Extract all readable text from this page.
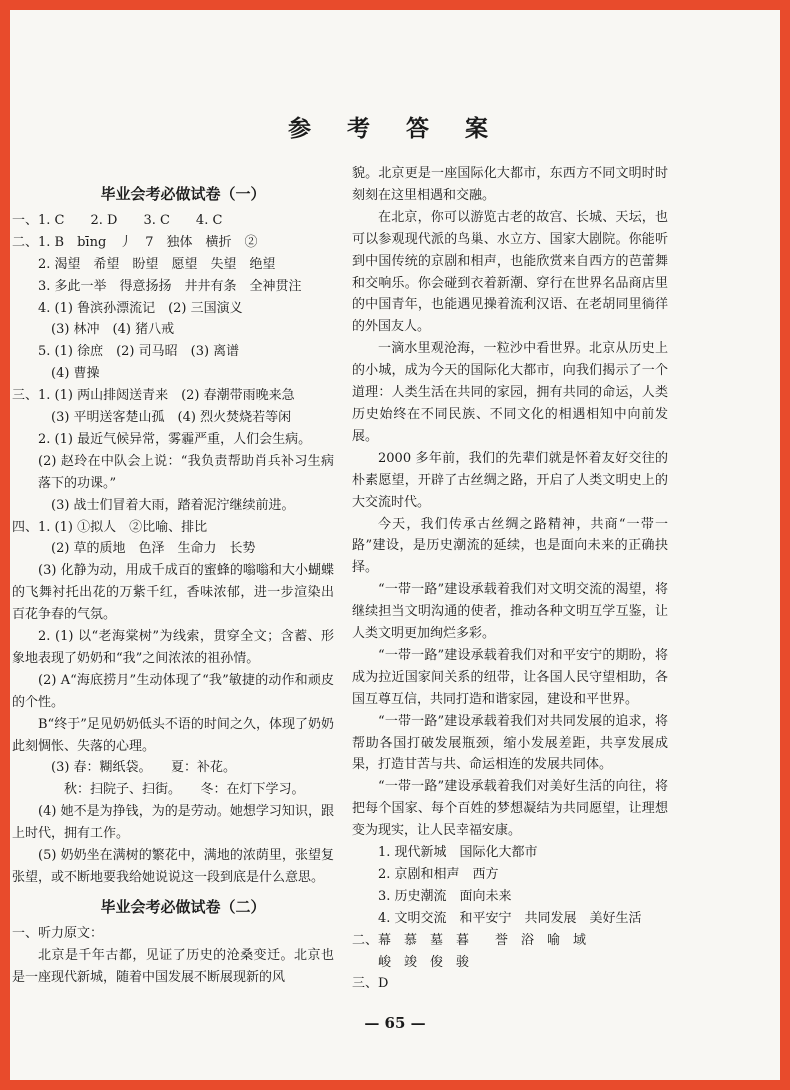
参 考 答 案
毕业会考必做试卷（一）
一、1. C　　2. D　　3. C　　4. C
二、1. B　bīng　丿　7　独体　横折　②
　　2. 渴望　希望　盼望　愿望　失望　绝望
　　3. 多此一举　得意扬扬　井井有条　全神贯注
　　4. (1) 鲁滨孙漂流记　(2) 三国演义
　　　(3) 林冲　(4) 猪八戒
　　5. (1) 徐庶　(2) 司马昭　(3) 离谱
　　　(4) 曹操
三、1. (1) 两山排闼送青来　(2) 春潮带雨晚来急
　　　(3) 平明送客楚山孤　(4) 烈火焚烧若等闲
　　2. (1) 最近气候异常，雾霾严重，人们会生病。
(2) 赵玲在中队会上说：“我负责帮助肖兵补习生病落下的功课。”
　　　(3) 战士们冒着大雨，踏着泥泞继续前进。
四、1. (1) ①拟人　②比喻、排比
　　　(2) 草的质地　色泽　生命力　长势
(3) 化静为动，用成千成百的蜜蜂的嗡嗡和大小蝴蝶的飞舞衬托出花的万紫千红，香味浓郁，进一步渲染出百花争春的气氛。
2. (1) 以“老海棠树”为线索，贯穿全文；含蓄、形象地表现了奶奶和“我”之间浓浓的祖孙情。
(2) A“海底捞月”生动体现了“我”敏捷的动作和顽皮的个性。
B“终于”足见奶奶低头不语的时间之久，体现了奶奶此刻惆怅、失落的心理。
　　　(3) 春：糊纸袋。　　夏：补花。
　　　　秋：扫院子、扫街。　　冬：在灯下学习。
(4) 她不是为挣钱，为的是劳动。她想学习知识，跟上时代，拥有工作。
(5) 奶奶坐在满树的繁花中，满地的浓荫里，张望复张望，或不断地要我给她说说这一段到底是什么意思。
毕业会考必做试卷（二）
一、听力原文：
北京是千年古都，见证了历史的沧桑变迁。北京也是一座现代新城，随着中国发展不断展现新的风
貌。北京更是一座国际化大都市，东西方不同文明时时刻刻在这里相遇和交融。
在北京，你可以游览古老的故宫、长城、天坛，也可以参观现代派的鸟巢、水立方、国家大剧院。你能听到中国传统的京剧和相声，也能欣赏来自西方的芭蕾舞和交响乐。你会碰到衣着新潮、穿行在世界名品商店里的中国青年，也能遇见操着流利汉语、在老胡同里徜徉的外国友人。
一滴水里观沧海，一粒沙中看世界。北京从历史上的小城，成为今天的国际化大都市，向我们揭示了一个道理：人类生活在共同的家园，拥有共同的命运，人类历史始终在不同民族、不同文化的相遇相知中向前发展。
2000 多年前，我们的先辈们就是怀着友好交往的朴素愿望，开辟了古丝绸之路，开启了人类文明史上的大交流时代。
今天，我们传承古丝绸之路精神，共商“一带一路”建设，是历史潮流的延续，也是面向未来的正确抉择。
“一带一路”建设承载着我们对文明交流的渴望，将继续担当文明沟通的使者，推动各种文明互学互鉴，让人类文明更加绚烂多彩。
“一带一路”建设承载着我们对和平安宁的期盼，将成为拉近国家间关系的纽带，让各国人民守望相助，各国互尊互信，共同打造和谐家园，建设和平世界。
“一带一路”建设承载着我们对共同发展的追求，将帮助各国打破发展瓶颈，缩小发展差距，共享发展成果，打造甘苦与共、命运相连的发展共同体。
“一带一路”建设承载着我们对美好生活的向往，将把每个国家、每个百姓的梦想凝结为共同愿望，让理想变为现实，让人民幸福安康。
　　1. 现代新城　国际化大都市
　　2. 京剧和相声　西方
　　3. 历史潮流　面向未来
　　4. 文明交流　和平安宁　共同发展　美好生活
二、幕　慕　墓　暮　　誉　浴　喻　域
　　峻　竣　俊　骏
三、D
— 65 —
